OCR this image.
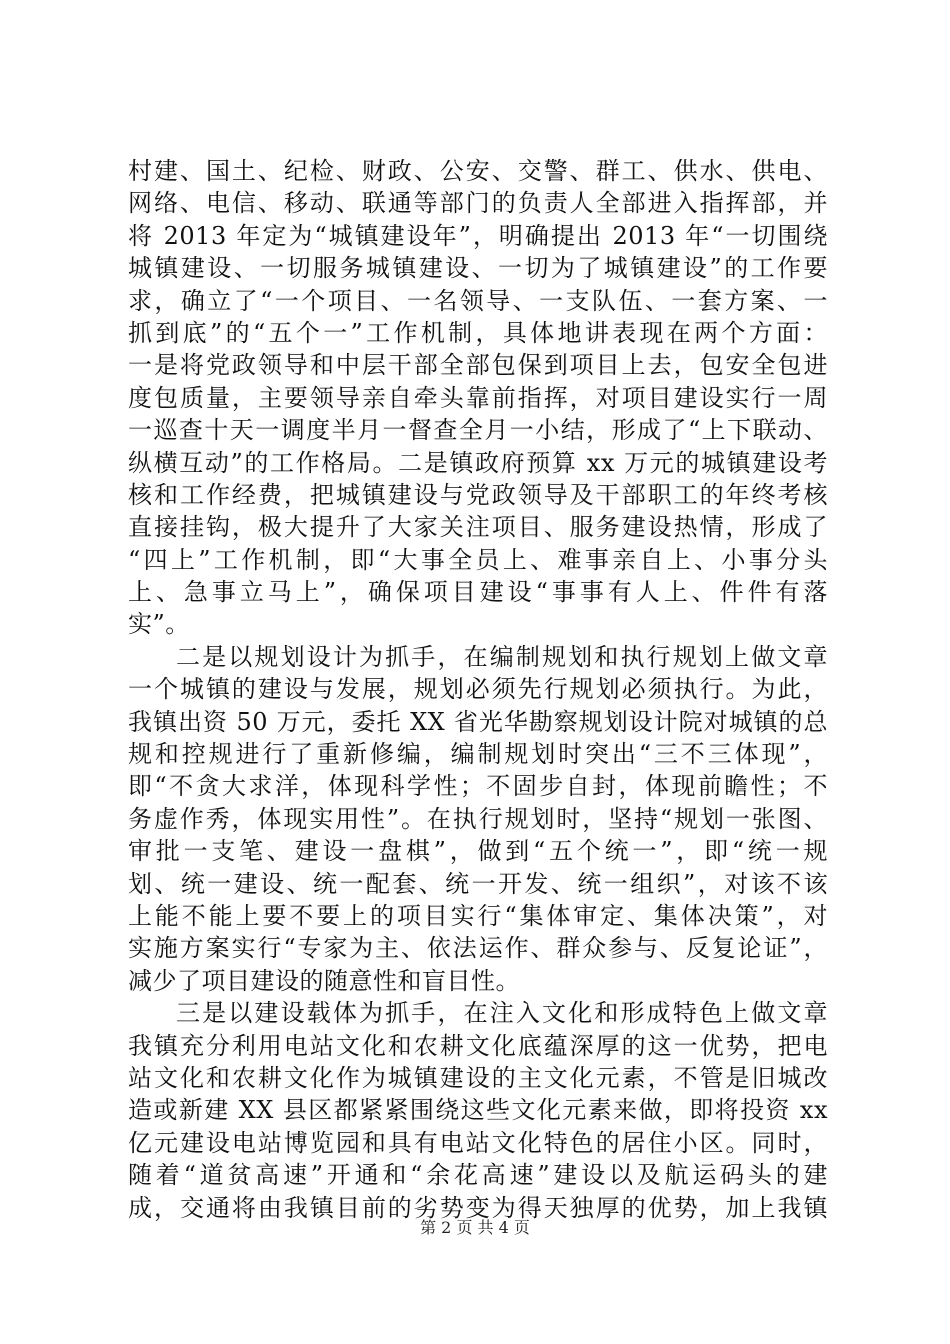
村建、国土、纪检、财政、公安、交警、群工、供水、供电、
网络、电信、移动、联通等部门的负责人全部进入指挥部，并
将 2013 年定为“城镇建设年”，明确提出 2013 年“一切围绕
城镇建设、一切服务城镇建设、一切为了城镇建设”的工作要
求，确立了“一个项目、一名领导、一支队伍、一套方案、一
抓到底”的“五个一”工作机制，具体地讲表现在两个方面：
一是将党政领导和中层干部全部包保到项目上去，包安全包进
度包质量，主要领导亲自牵头靠前指挥，对项目建设实行一周
一巡查十天一调度半月一督查全月一小结，形成了“上下联动、
纵横互动”的工作格局。二是镇政府预算 xx 万元的城镇建设考
核和工作经费，把城镇建设与党政领导及干部职工的年终考核
直接挂钩，极大提升了大家关注项目、服务建设热情，形成了
“四上”工作机制，即“大事全员上、难事亲自上、小事分头
上、急事立马上”，确保项目建设“事事有人上、件件有落
实”。
二是以规划设计为抓手，在编制规划和执行规划上做文章
一个城镇的建设与发展，规划必须先行规划必须执行。为此，
我镇出资 50 万元，委托 XX 省光华勘察规划设计院对城镇的总
规和控规进行了重新修编，编制规划时突出“三不三体现”，
即“不贪大求洋，体现科学性；不固步自封，体现前瞻性；不
务虚作秀，体现实用性”。在执行规划时，坚持“规划一张图、
审批一支笔、建设一盘棋”，做到“五个统一”，即“统一规
划、统一建设、统一配套、统一开发、统一组织”，对该不该
上能不能上要不要上的项目实行“集体审定、集体决策”，对
实施方案实行“专家为主、依法运作、群众参与、反复论证”，
减少了项目建设的随意性和盲目性。
三是以建设载体为抓手，在注入文化和形成特色上做文章
我镇充分利用电站文化和农耕文化底蕴深厚的这一优势，把电
站文化和农耕文化作为城镇建设的主文化元素，不管是旧城改
造或新建 XX 县区都紧紧围绕这些文化元素来做，即将投资 xx
亿元建设电站博览园和具有电站文化特色的居住小区。同时，
随着“道贫高速”开通和“余花高速”建设以及航运码头的建
成，交通将由我镇目前的劣势变为得天独厚的优势，加上我镇
第 2 页 共 4 页
